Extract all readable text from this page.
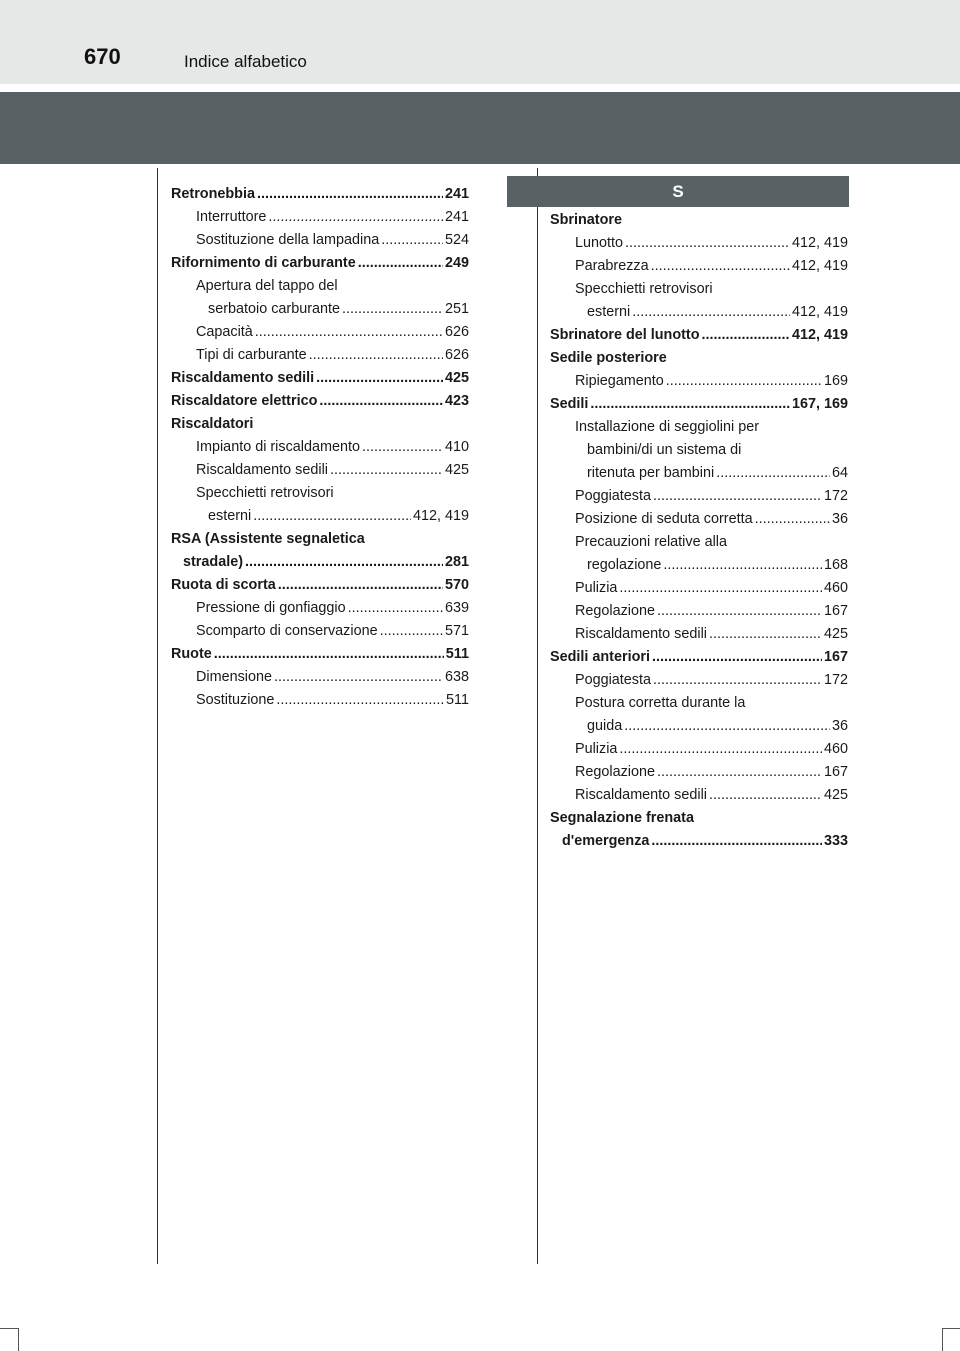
670	Indice alfabetico
S
Retronebbia .....	241
Interruttore .....	241
Sostituzione della lampadina .....	524
Rifornimento di carburante .....	249
Apertura del tappo del
serbatoio carburante .....	251
Capacità .....	626
Tipi di carburante .....	626
Riscaldamento sedili .....	425
Riscaldatore elettrico .....	423
Riscaldatori
Impianto di riscaldamento .....	410
Riscaldamento sedili .....	425
Specchietti retrovisori
esterni .....	412, 419
RSA (Assistente segnaletica
stradale) .....	281
Ruota di scorta .....	570
Pressione di gonfiaggio .....	639
Scomparto di conservazione .....	571
Ruote .....	511
Dimensione .....	638
Sostituzione .....	511
Sbrinatore
Lunotto .....	412, 419
Parabrezza .....	412, 419
Specchietti retrovisori
esterni .....	412, 419
Sbrinatore del lunotto .....	412, 419
Sedile posteriore
Ripiegamento .....	169
Sedili .....	167, 169
Installazione di seggiolini per
bambini/di un sistema di
ritenuta per bambini .....	64
Poggiatesta .....	172
Posizione di seduta corretta .....	36
Precauzioni relative alla
regolazione .....	168
Pulizia .....	460
Regolazione .....	167
Riscaldamento sedili .....	425
Sedili anteriori .....	167
Poggiatesta .....	172
Postura corretta durante la
guida .....	36
Pulizia .....	460
Regolazione .....	167
Riscaldamento sedili .....	425
Segnalazione frenata
d'emergenza .....	333
